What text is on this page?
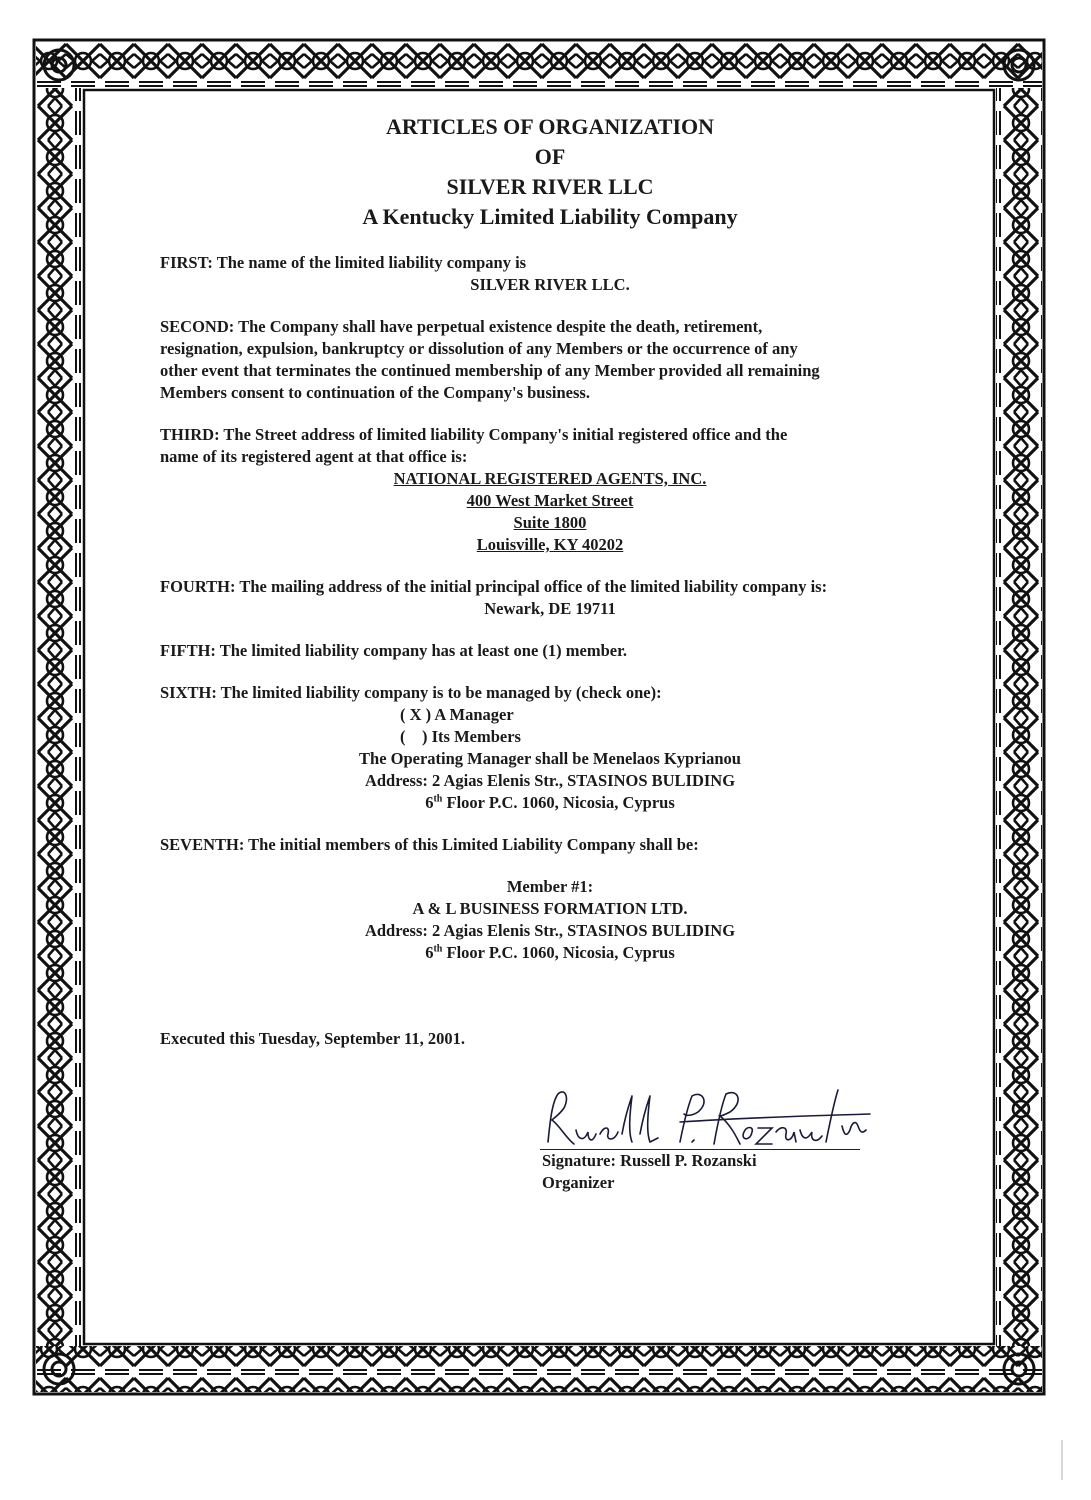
ARTICLES OF ORGANIZATION
OF
SILVER RIVER LLC
A Kentucky Limited Liability Company
FIRST: The name of the limited liability company is
SILVER RIVER LLC.
SECOND: The Company shall have perpetual existence despite the death, retirement,
resignation, expulsion, bankruptcy or dissolution of any Members or the occurrence of any
other event that terminates the continued membership of any Member provided all remaining
Members consent to continuation of the Company's business.
THIRD: The Street address of limited liability Company's initial registered office and the
name of its registered agent at that office is:
NATIONAL REGISTERED AGENTS, INC.
400 West Market Street
Suite 1800
Louisville, KY 40202
FOURTH: The mailing address of the initial principal office of the limited liability company is:
Newark, DE 19711
FIFTH: The limited liability company has at least one (1) member.
SIXTH: The limited liability company is to be managed by (check one):
( X ) A Manager
(    ) Its Members
The Operating Manager shall be Menelaos Kyprianou
Address: 2 Agias Elenis Str., STASINOS BULIDING
6th Floor P.C. 1060, Nicosia, Cyprus
SEVENTH: The initial members of this Limited Liability Company shall be:
Member #1:
A & L BUSINESS FORMATION LTD.
Address: 2 Agias Elenis Str., STASINOS BULIDING
6th Floor P.C. 1060, Nicosia, Cyprus
Executed this Tuesday, September 11, 2001.
Signature: Russell P. Rozanski
Organizer
